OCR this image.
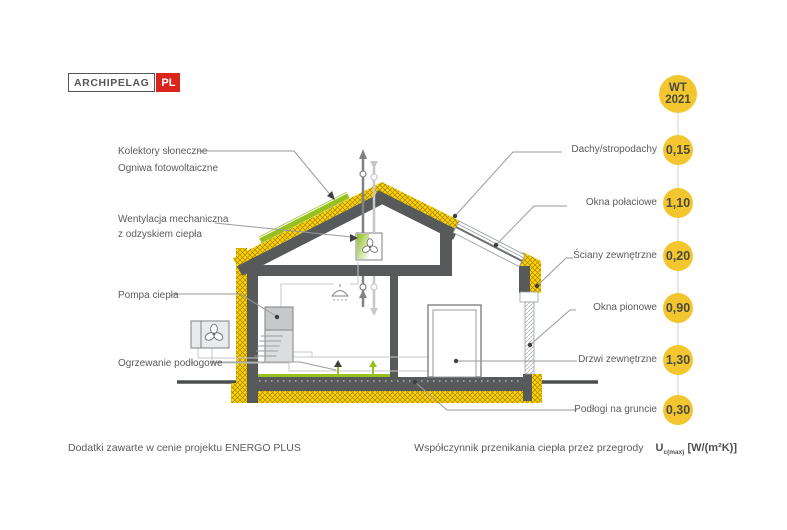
ARCHIPELAG PL
Kolektory słoneczne
Ogniwa fotowoltaiczne
Wentylacja mechaniczna
z odzyskiem ciepła
Pompa ciepła
Ogrzewanie podłogowe
WT
2021
Dachy/stropodachy 0,15
Okna połaciowe 1,10
Ściany zewnętrzne 0,20
Okna pionowe 0,90
Drzwi zewnętrzne 1,30
Podłogi na gruncie 0,30
Dodatki zawarte w cenie projektu ENERGO PLUS	Współczynnik przenikania ciepła przez przegrody $U_{c(max)}$ [W/(m²K)]
